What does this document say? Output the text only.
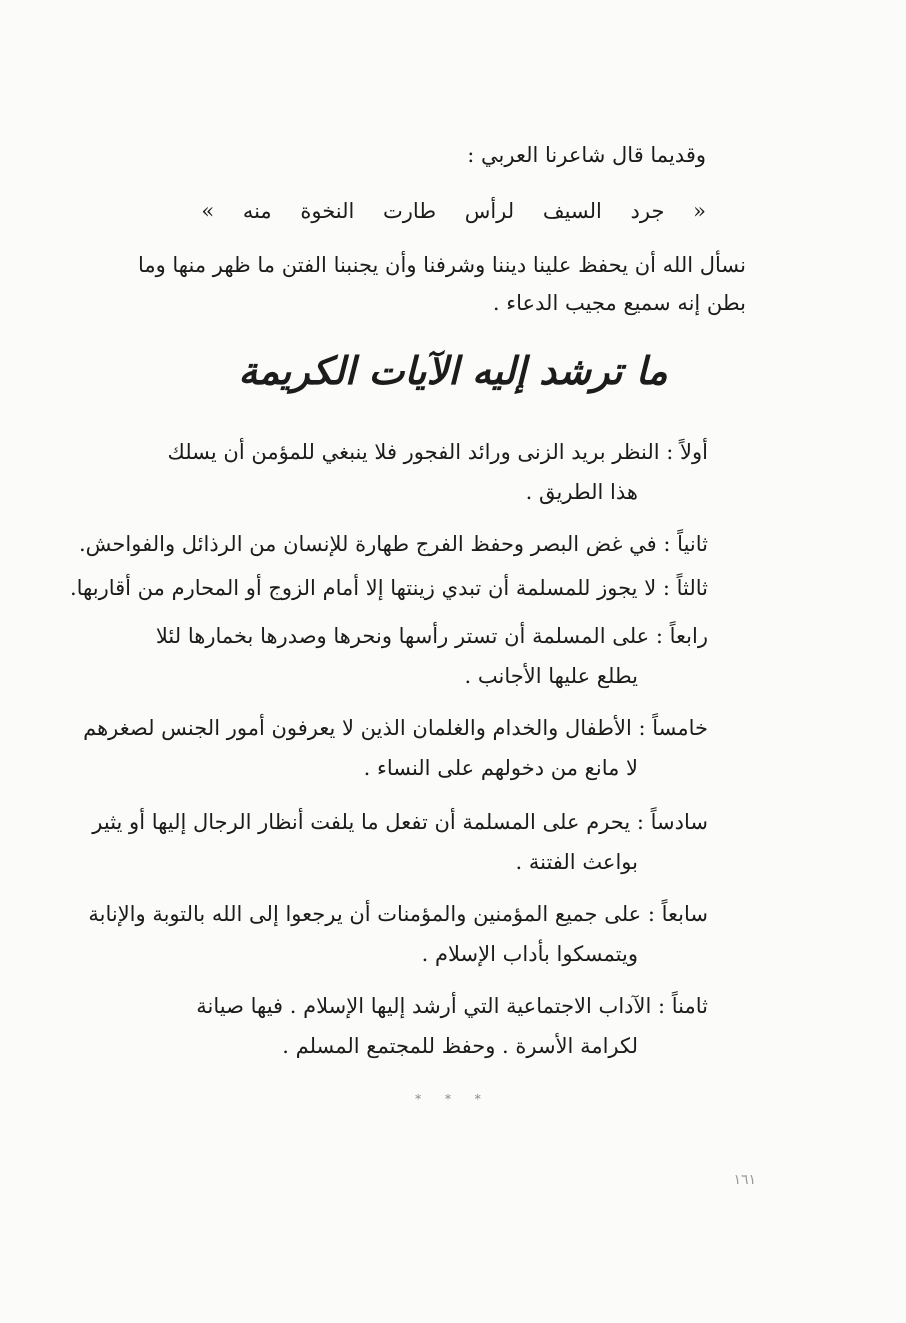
وقديما قال شاعرنا العربي :
« جرد السيف لرأس طارت النخوة منه »
نسأل الله أن يحفظ علينا ديننا وشرفنا وأن يجنبنا الفتن ما ظهر منها وما
بطن إنه سميع مجيب الدعاء .
ما ترشد إليه الآيات الكريمة
أولاً : النظر بريد الزنى ورائد الفجور فلا ينبغي للمؤمن أن يسلك
هذا الطريق .
ثانياً : في غض البصر وحفظ الفرج طهارة للإنسان من الرذائل والفواحش.
ثالثاً : لا يجوز للمسلمة أن تبدي زينتها إلا أمام الزوج أو المحارم من أقاربها.
رابعاً : على المسلمة أن تستر رأسها ونحرها وصدرها بخمارها لئلا
يطلع عليها الأجانب .
خامساً : الأطفال والخدام والغلمان الذين لا يعرفون أمور الجنس لصغرهم
لا مانع من دخولهم على النساء .
سادساً : يحرم على المسلمة أن تفعل ما يلفت أنظار الرجال إليها أو يثير
بواعث الفتنة .
سابعاً : على جميع المؤمنين والمؤمنات أن يرجعوا إلى الله بالتوبة والإنابة
ويتمسكوا بأداب الإسلام .
ثامناً : الآداب الاجتماعية التي أرشد إليها الإسلام . فيها صيانة
لكرامة الأسرة . وحفظ للمجتمع المسلم .
* * *
١٦١
